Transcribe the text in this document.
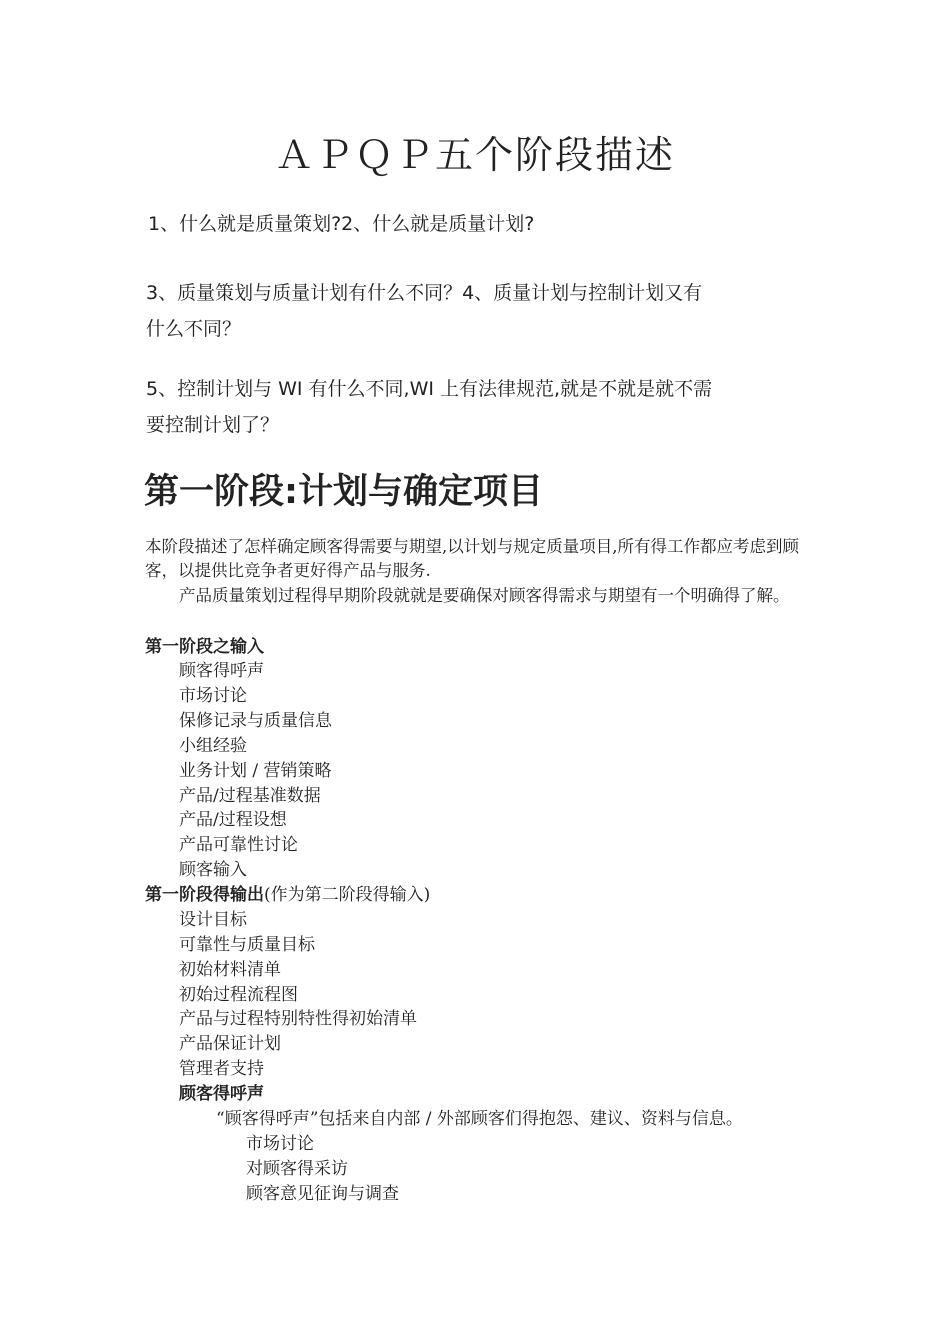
ＡＰＱＰ五个阶段描述
1、什么就是质量策划?2、什么就是质量计划?
3、质量策划与质量计划有什么不同？4、质量计划与控制计划又有
什么不同？
5、控制计划与 WI 有什么不同,WI 上有法律规范,就是不就是就不需
要控制计划了？
第一阶段:计划与确定项目
本阶段描述了怎样确定顾客得需要与期望,以计划与规定质量项目,所有得工作都应考虑到顾客，以提供比竞争者更好得产品与服务.
产品质量策划过程得早期阶段就就是要确保对顾客得需求与期望有一个明确得了解。
第一阶段之输入
顾客得呼声
市场讨论
保修记录与质量信息
小组经验
业务计划 / 营销策略
产品/过程基准数据
产品/过程设想
产品可靠性讨论
顾客输入
第一阶段得输出(作为第二阶段得输入)
设计目标
可靠性与质量目标
初始材料清单
初始过程流程图
产品与过程特别特性得初始清单
产品保证计划
管理者支持
顾客得呼声
“顾客得呼声”包括来自内部 / 外部顾客们得抱怨、建议、资料与信息。
市场讨论
对顾客得采访
顾客意见征询与调查
